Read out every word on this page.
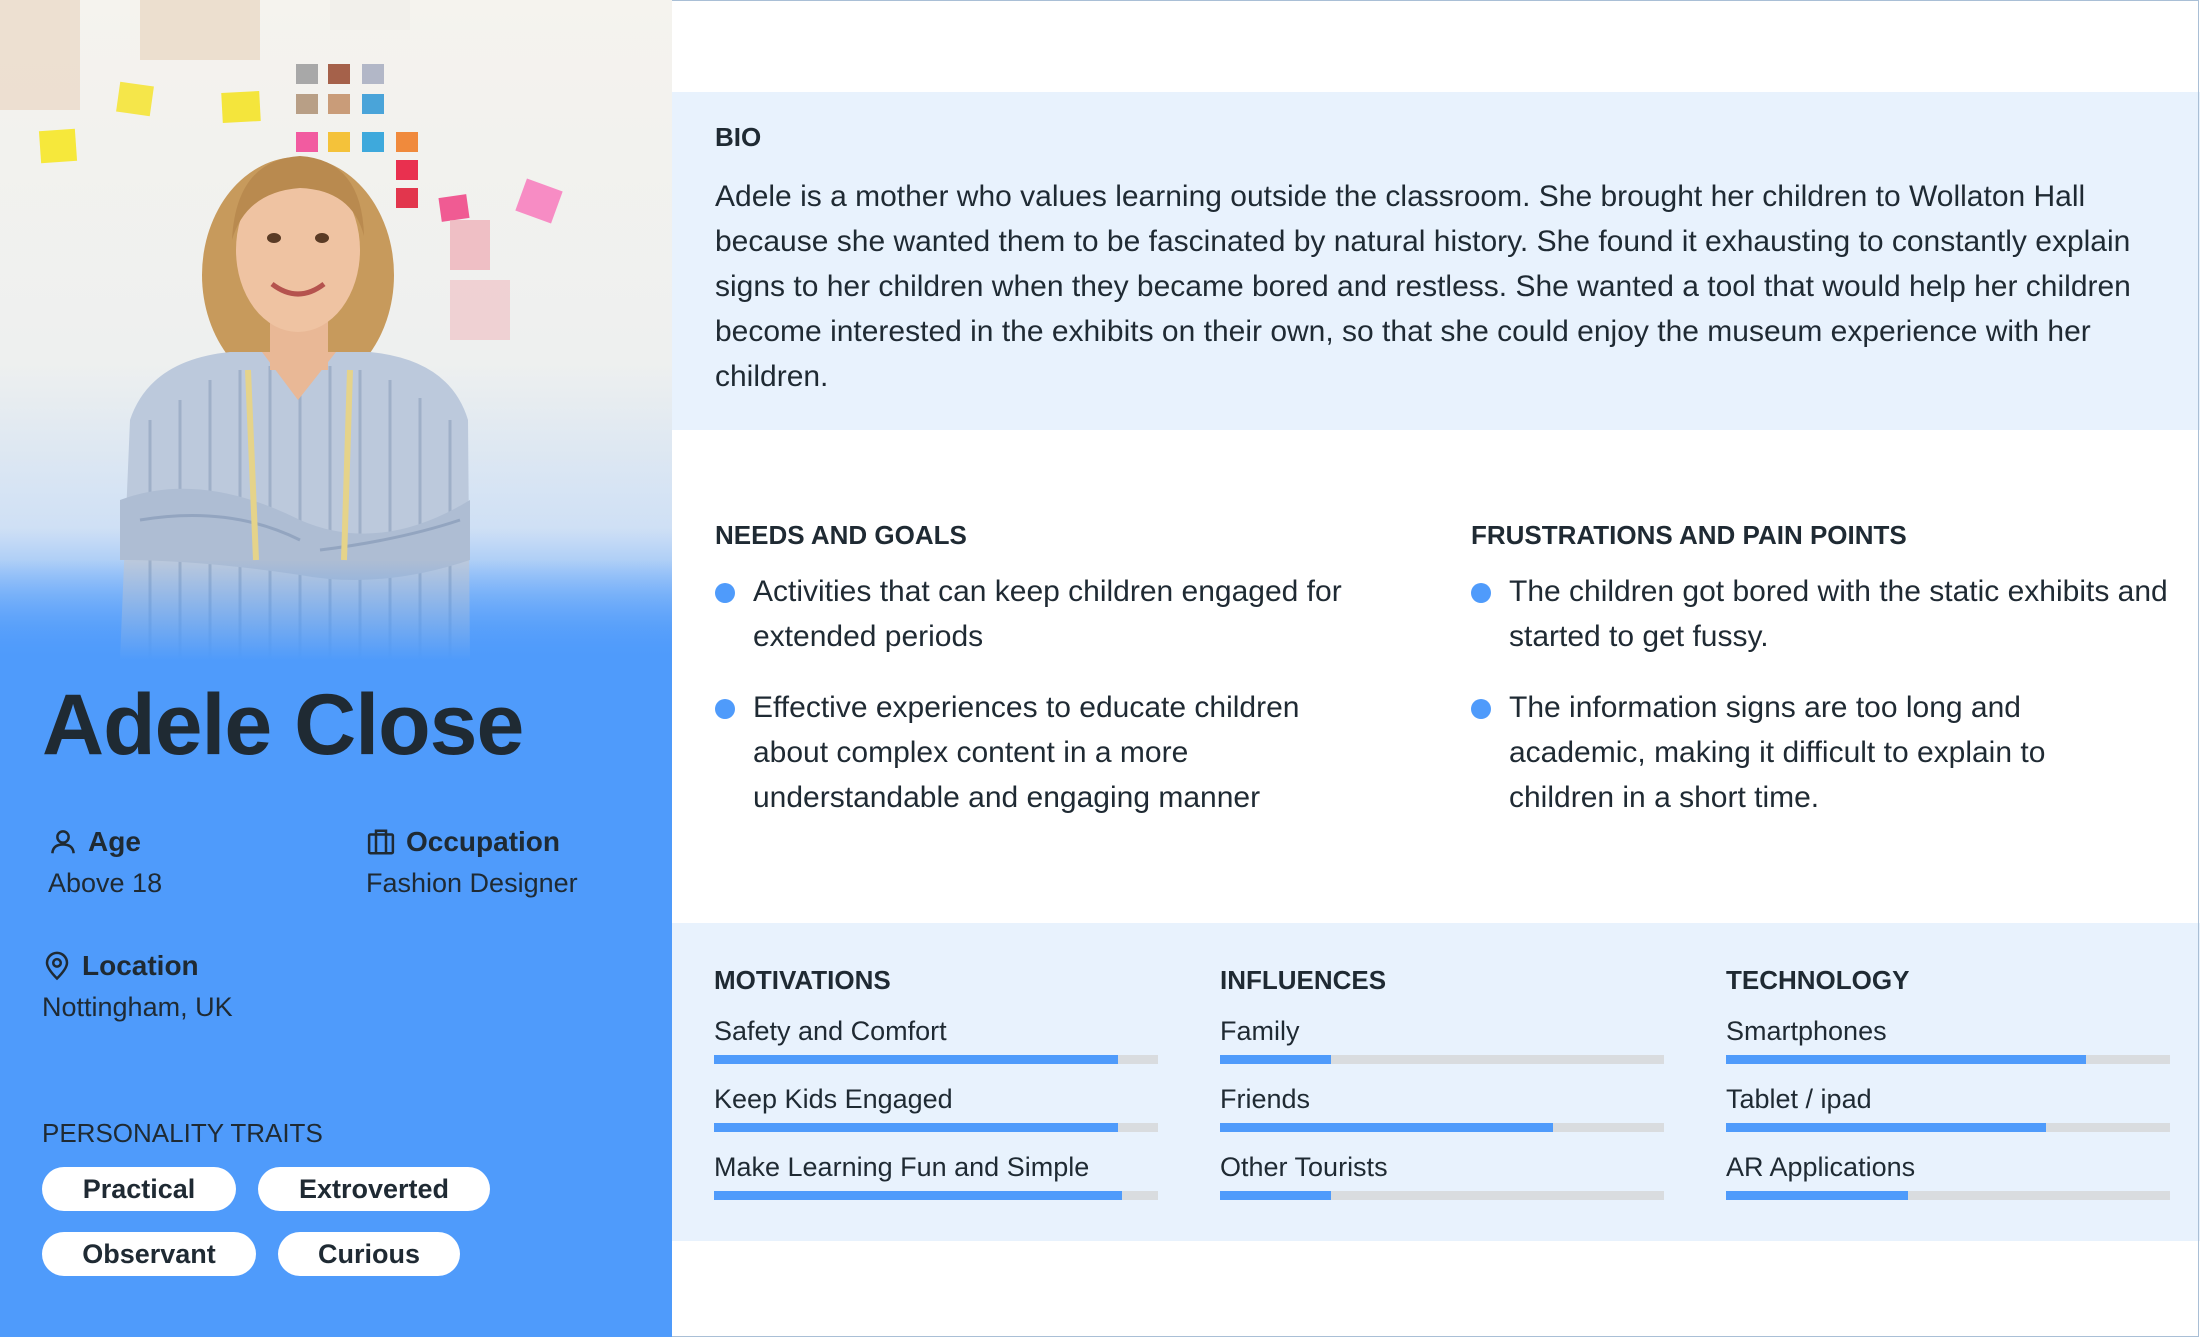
Adele Close
Age
Above 18
Occupation
Fashion Designer
Location
Nottingham, UK
PERSONALITY TRAITS
Practical	Extroverted
Observant	Curious
BIO

Adele is a mother who values learning outside the classroom. She brought her children to Wollaton Hall because she wanted them to be fascinated by natural history. She found it exhausting to constantly explain signs to her children when they became bored and restless. She wanted a tool that would help her children become interested in the exhibits on their own, so that she could enjoy the museum experience with her children.

NEEDS AND GOALS
Activities that can keep children engaged for extended periods
Effective experiences to educate children about complex content in a more understandable and engaging manner
FRUSTRATIONS AND PAIN POINTS
The children got bored with the static exhibits and started to get fussy.
The information signs are too long and academic, making it difficult to explain to children in a short time.
MOTIVATIONS
Safety and Comfort
Keep Kids Engaged
Make Learning Fun and Simple
INFLUENCES
Family
Friends
Other Tourists
TECHNOLOGY
Smartphones
Tablet / ipad
AR Applications
